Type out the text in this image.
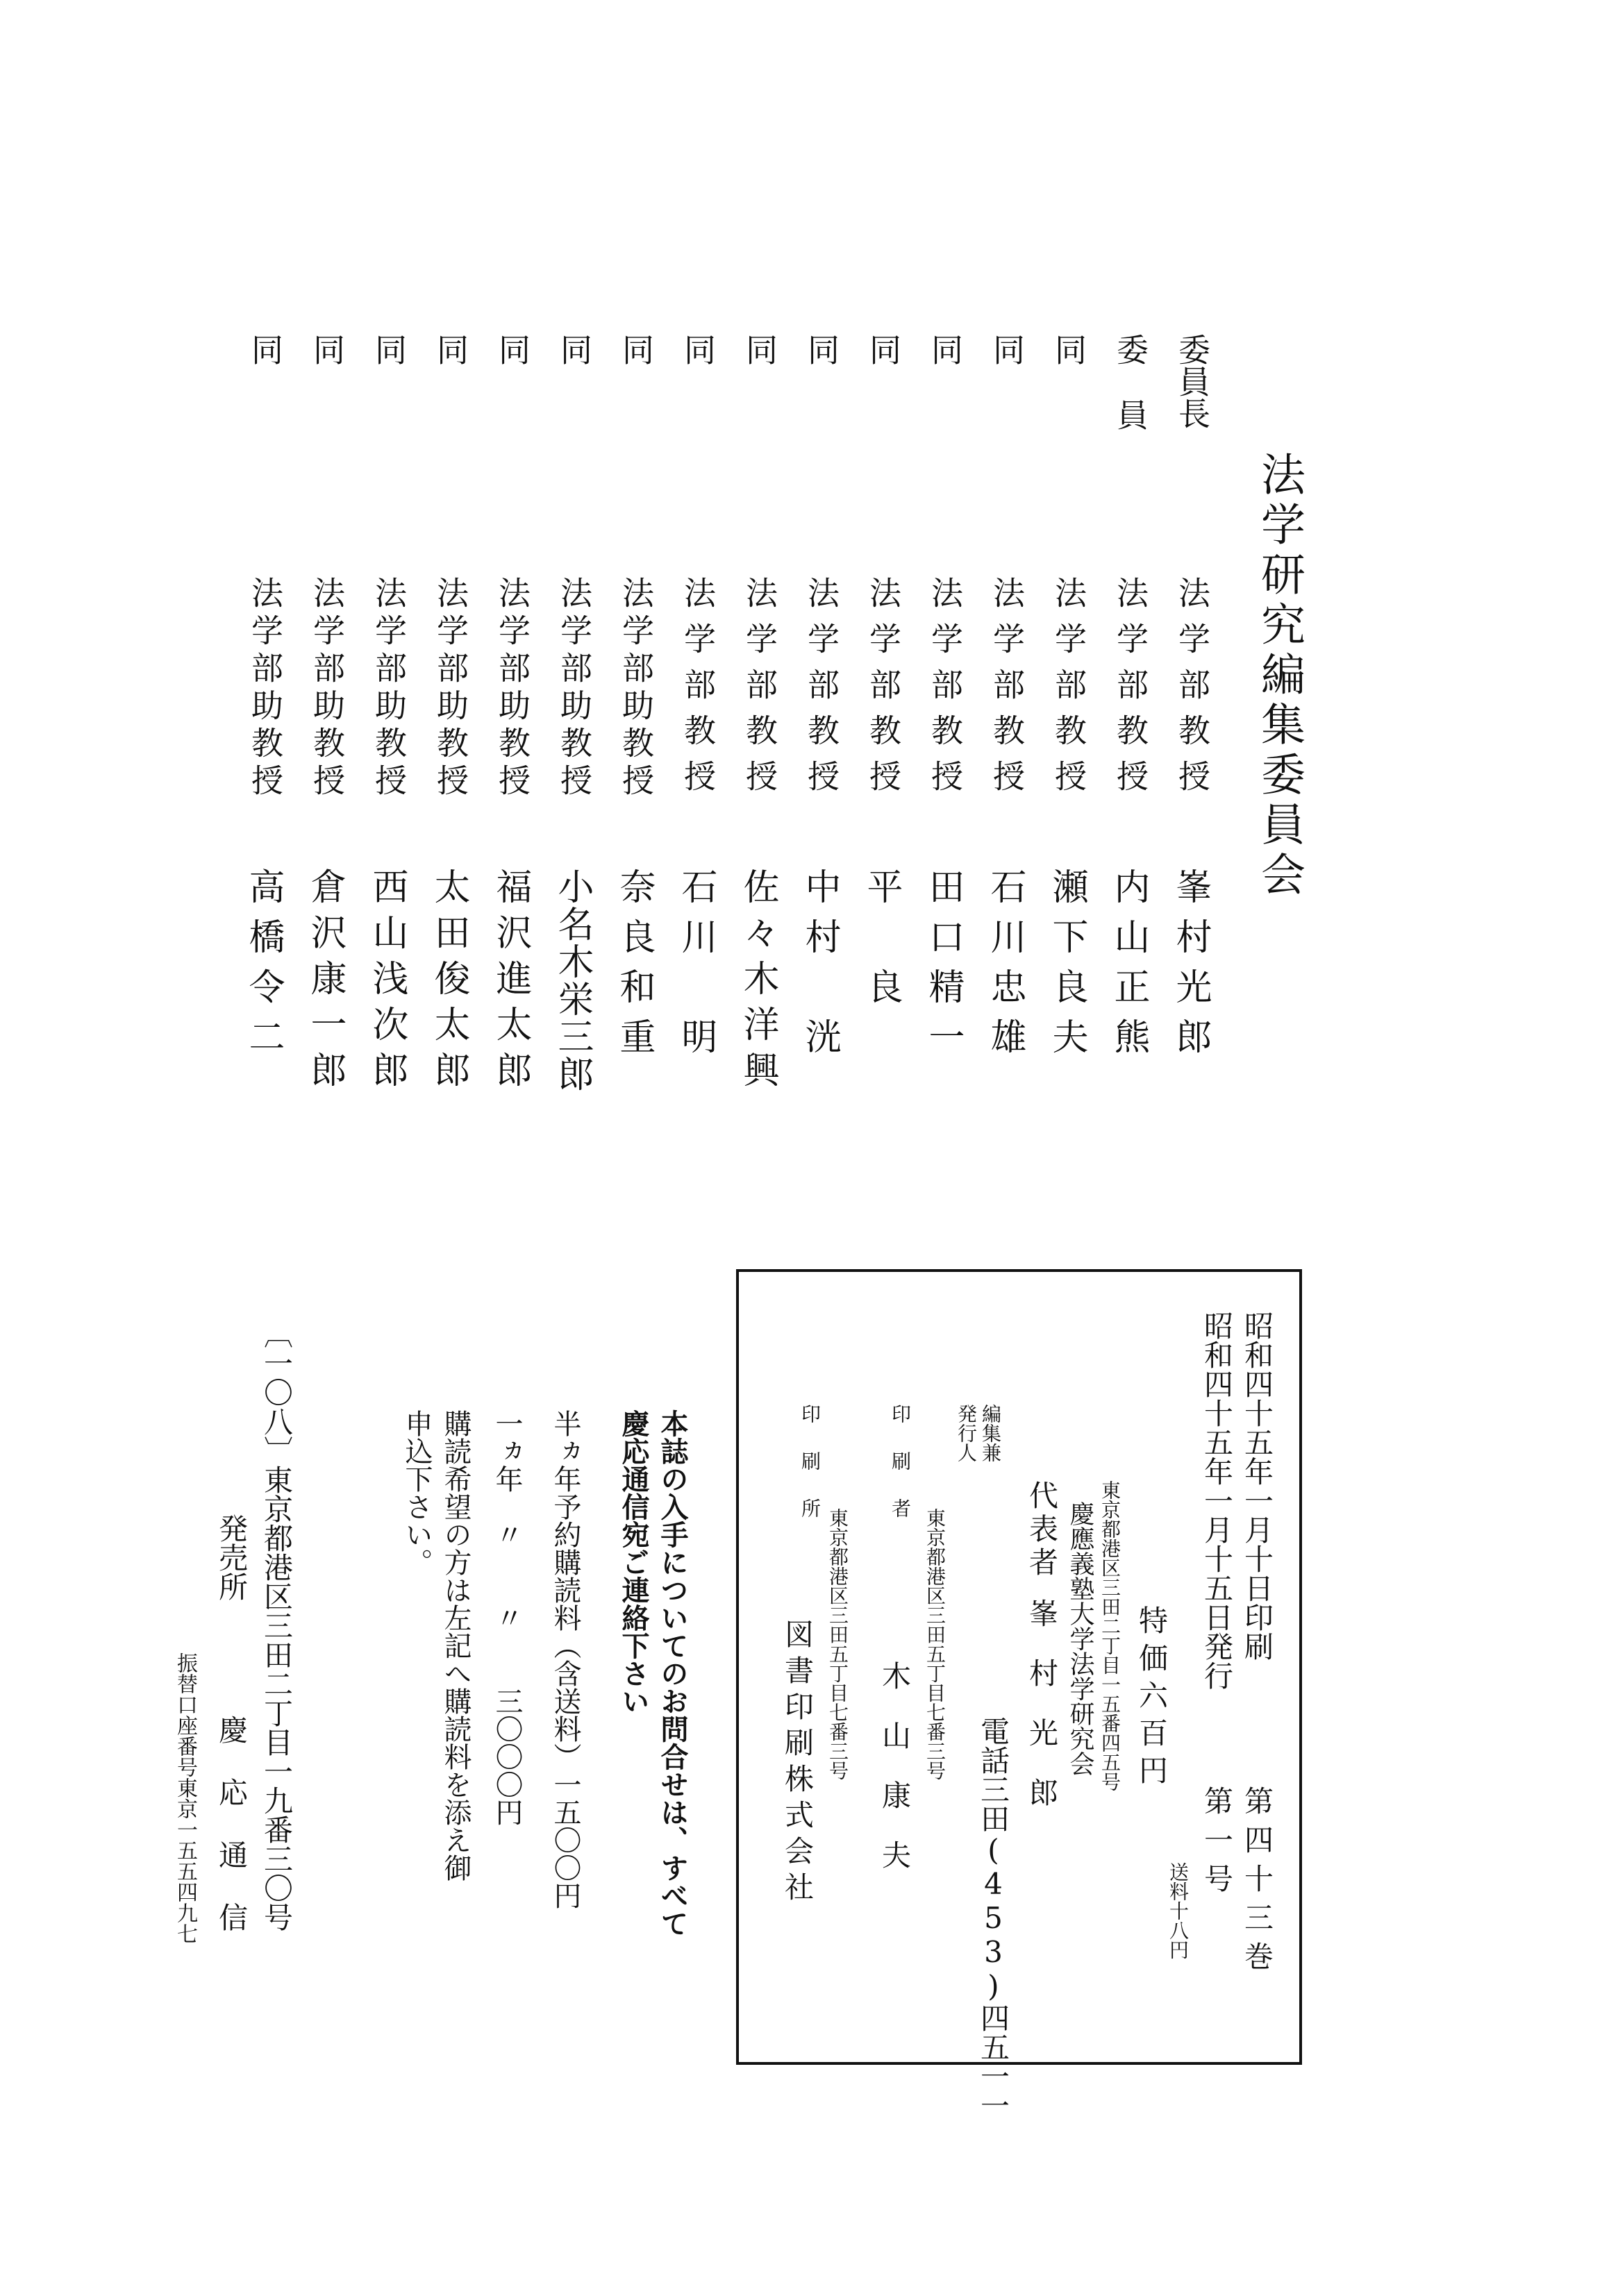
法学研究編集委員会
委員長
法学部教授
峯村光郎
委員
法学部教授
内山正熊
同
法学部教授
瀬下良夫
同
法学部教授
石川忠雄
同
法学部教授
田口精一
同
法学部教授
平　良
同
法学部教授
中村　洸
同
法学部教授
佐々木洋興
同
法学部教授
石川　明
同
法学部助教授
奈良和重
同
法学部助教授
小名木栄三郎
同
法学部助教授
福沢進太郎
同
法学部助教授
太田俊太郎
同
法学部助教授
西山浅次郎
同
法学部助教授
倉沢康一郎
同
法学部助教授
高橋令二
昭和四十五年一月十日印刷
昭和四十五年一月十五日発行
第四十三巻
第一号
特価六百円
送料十八円
編集兼
発行人
東京都港区三田二丁目一五番四五号
慶應義塾大学法学研究会
代表者
峯村光郎
電話三田(453)四五一一
印刷者
東京都港区三田五丁目七番三号
木山康夫
印刷所
東京都港区三田五丁目七番三号
図書印刷株式会社
本誌の入手についてのお問合せは、すべて
慶応通信宛ご連絡下さい
半ヵ年予約購読料（含送料）一五〇〇円
一ヵ年　〃　　〃　　三〇〇〇円
購読希望の方は左記へ購読料を添え御
申込下さい。
〔一〇八〕東京都港区三田二丁目一九番三〇号
発売所
慶応通信
振替口座番号東京一五五四九七
